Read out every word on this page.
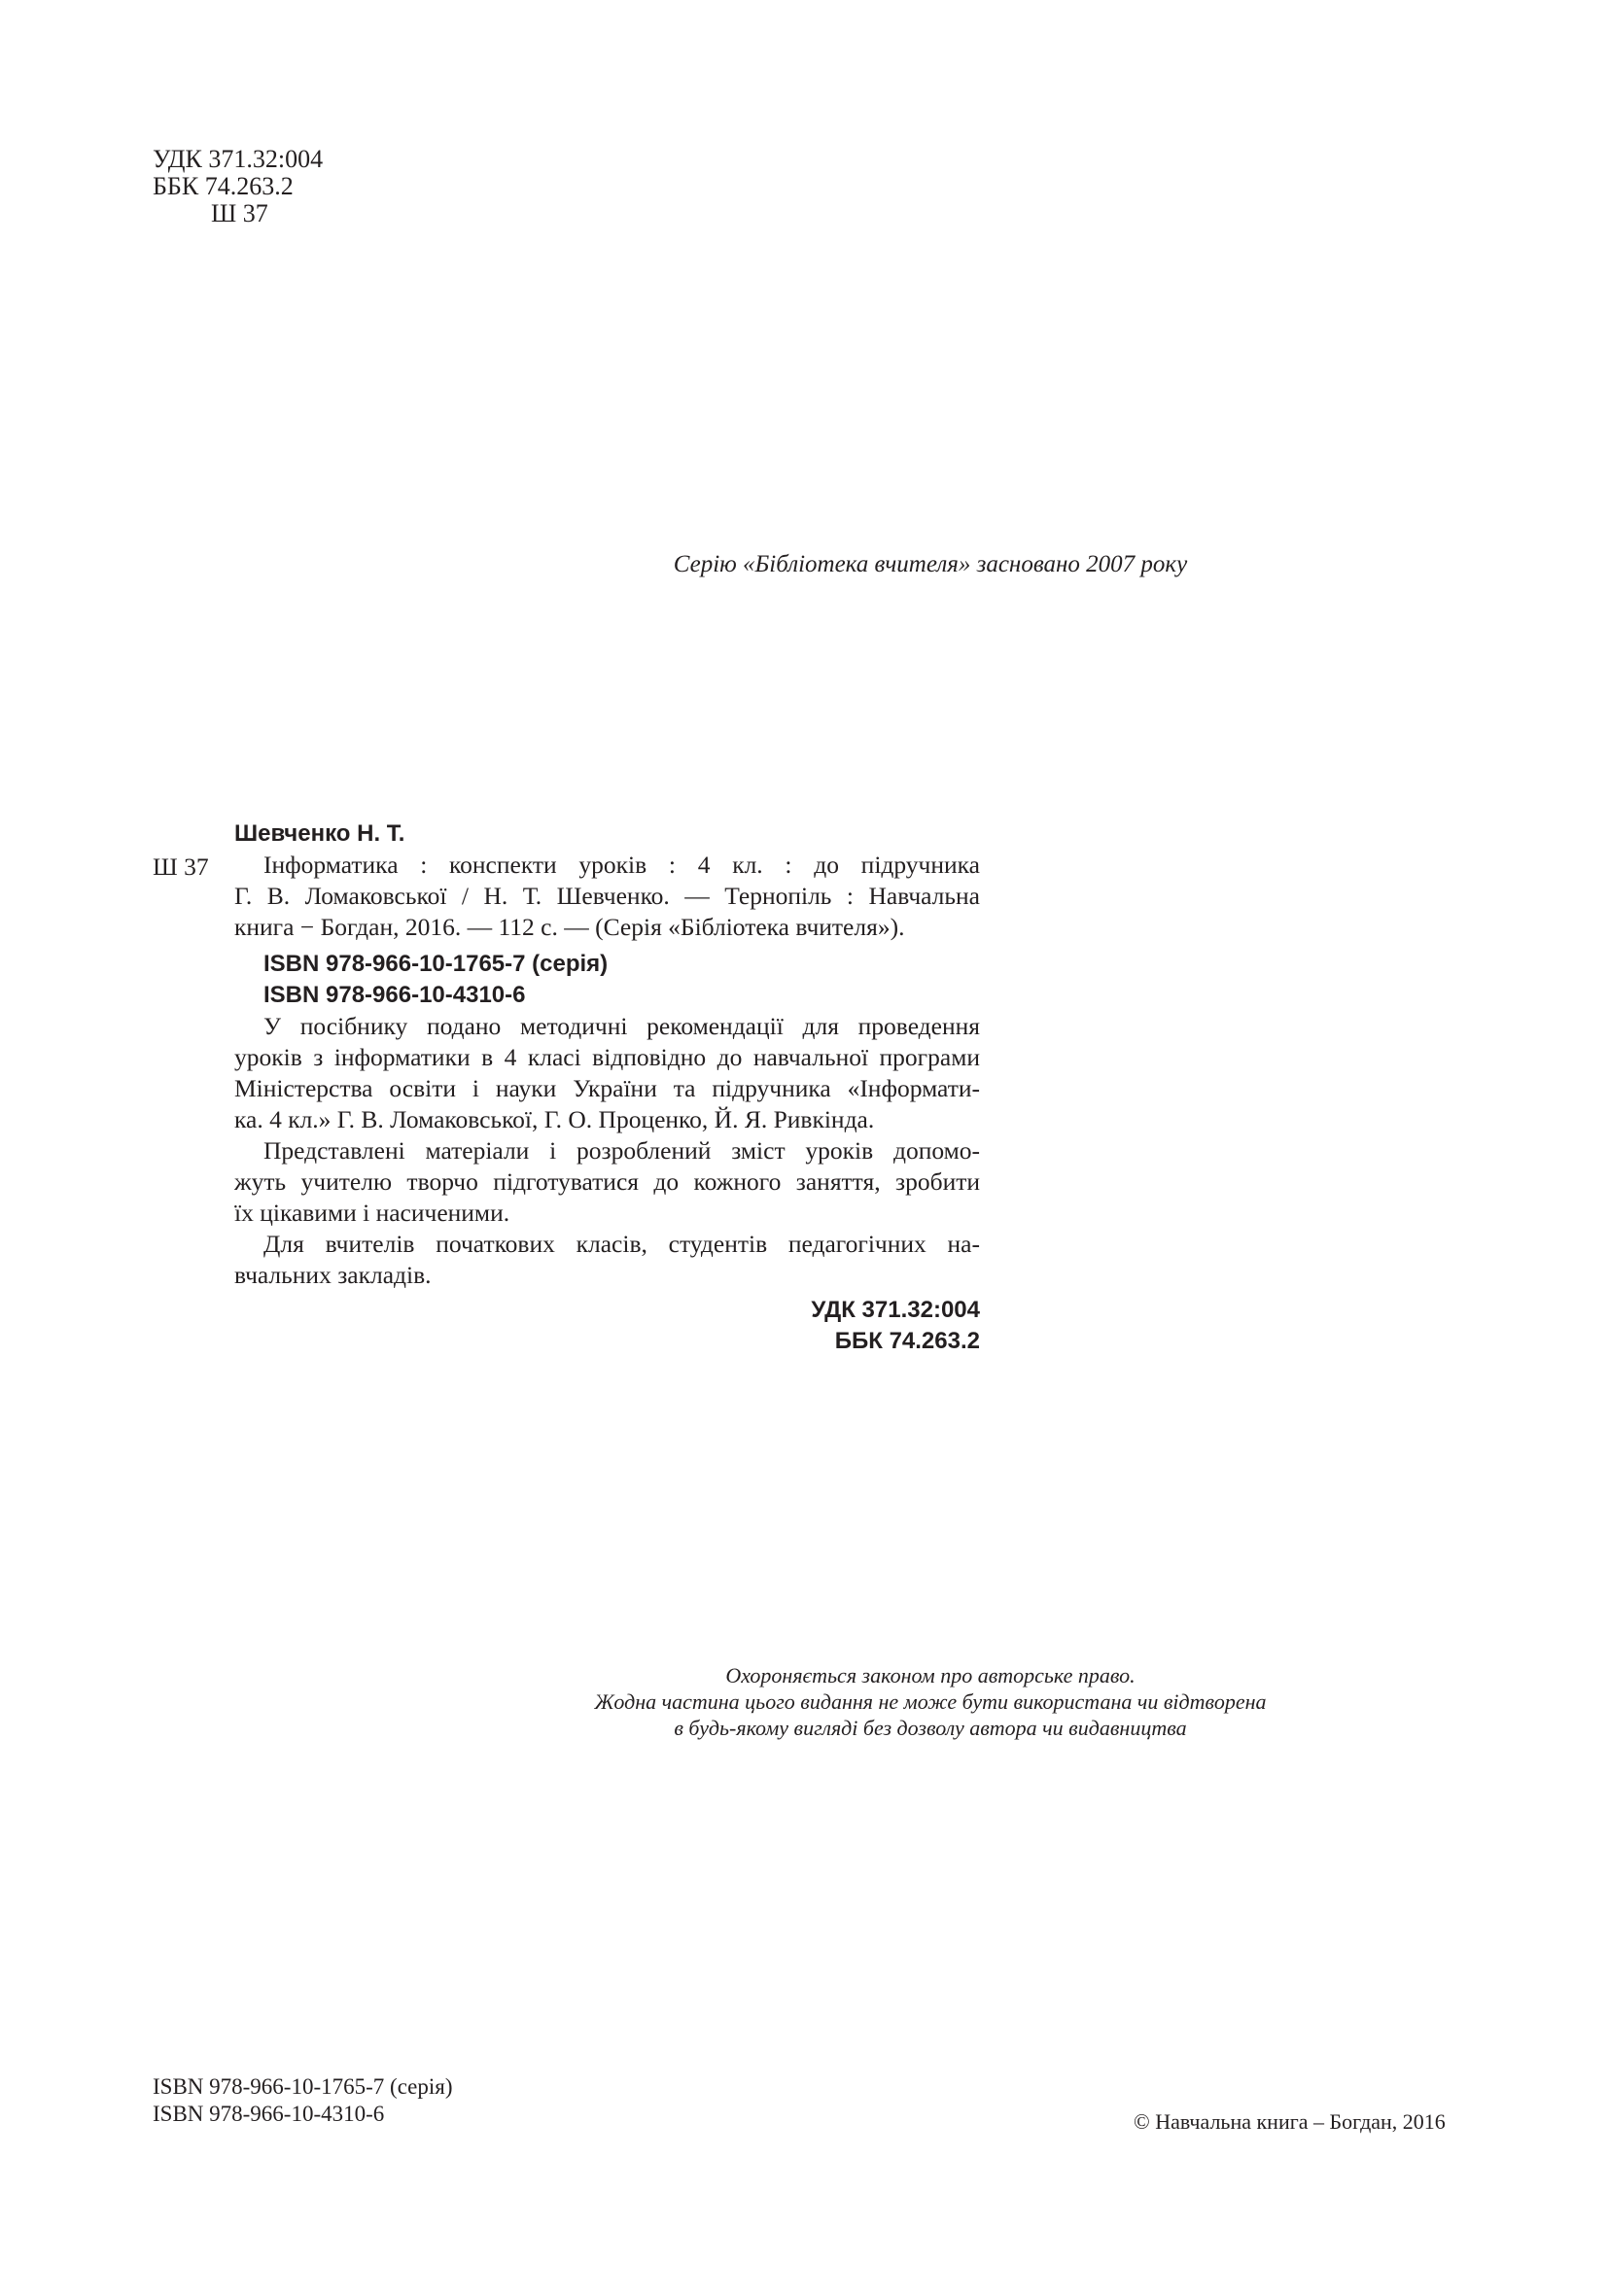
УДК 371.32:004
ББК 74.263.2
Ш 37
Серію «Бібліотека вчителя» засновано 2007 року
Шевченко Н. Т.
Ш 37 Інформатика : конспекти уроків : 4 кл. : до підручника
Г. В. Ломаковської / Н. Т. Шевченко. — Тернопіль : Навчальна
книга − Богдан, 2016. — 112 с. — (Серія «Бібліотека вчителя»).
ISBN 978-966-10-1765-7 (серія)
ISBN 978-966-10-4310-6
У посібнику подано методичні рекомендації для проведення
уроків з інформатики в 4 класі відповідно до навчальної програми
Міністерства освіти і науки України та підручника «Інформати-
ка. 4 кл.» Г. В. Ломаковської, Г. О. Проценко, Й. Я. Ривкінда.
Представлені матеріали і розроблений зміст уроків допомо-
жуть учителю творчо підготуватися до кожного заняття, зробити
їх цікавими і насиченими.
Для вчителів початкових класів, студентів педагогічних на-
вчальних закладів.
УДК 371.32:004
ББК 74.263.2
Охороняється законом про авторське право.
Жодна частина цього видання не може бути використана чи відтворена
в будь-якому вигляді без дозволу автора чи видавництва
ISBN 978-966-10-1765-7 (серія)
ISBN 978-966-10-4310-6	© Навчальна книга – Богдан, 2016
